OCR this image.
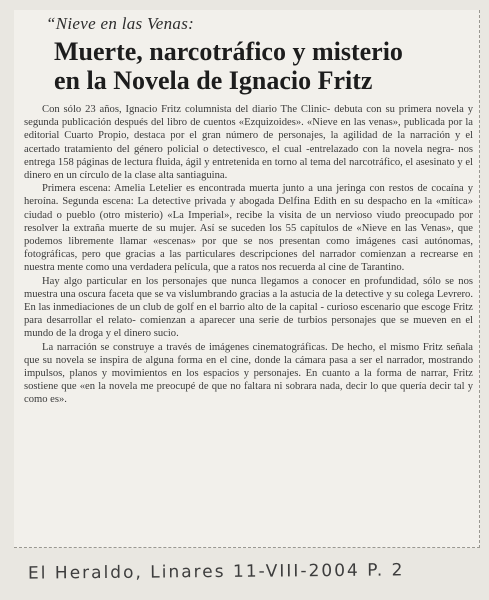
“Nieve en las Venas:
Muerte, narcotráfico y misterio
en la Novela de Ignacio Fritz

Con sólo 23 años, Ignacio Fritz columnista del diario The Clinic- debuta con su primera novela y segunda publicación después del libro de cuentos «Ezquizoides». «Nieve en las venas», publicada por la editorial Cuarto Propio, destaca por el gran número de personajes, la agilidad de la narración y el acertado tratamiento del género policial o detectivesco, el cual -entrelazado con la novela negra- nos entrega 158 páginas de lectura fluida, ágil y entretenida en torno al tema del narcotráfico, el asesinato y el dinero en un círculo de la clase alta santiaguina.

Primera escena: Amelia Letelier es encontrada muerta junto a una jeringa con restos de cocaína y heroína. Segunda escena: La detective privada y abogada Delfina Edith en su despacho en la «mítica» ciudad o pueblo (otro misterio) «La Imperial», recibe la visita de un nervioso viudo preocupado por resolver la extraña muerte de su mujer. Así se suceden los 55 capítulos de «Nieve en las Venas», que podemos libremente llamar «escenas» por que se nos presentan como imágenes casi autónomas, fotográficas, pero que gracias a las particulares descripciones del narrador comienzan a recrearse en nuestra mente como una verdadera película, que a ratos nos recuerda al cine de Tarantino.

Hay algo particular en los personajes que nunca llegamos a conocer en profundidad, sólo se nos muestra una oscura faceta que se va vislumbrando gracias a la astucia de la detective y su colega Levrero. En las inmediaciones de un club de golf en el barrio alto de la capital - curioso escenario que escoge Fritz para desarrollar el relato- comienzan a aparecer una serie de turbios personajes que se mueven en el mundo de la droga y el dinero sucio.

La narración se construye a través de imágenes cinematográficas. De hecho, el mismo Fritz señala que su novela se inspira de alguna forma en el cine, donde la cámara pasa a ser el narrador, mostrando impulsos, planos y movimientos en los espacios y personajes. En cuanto a la forma de narrar, Fritz sostiene que «en la novela me preocupé de que no faltara ni sobrara nada, decir lo que quería decir tal y como es».

El Heraldo, Linares 11-VIII-2004 P. 2
